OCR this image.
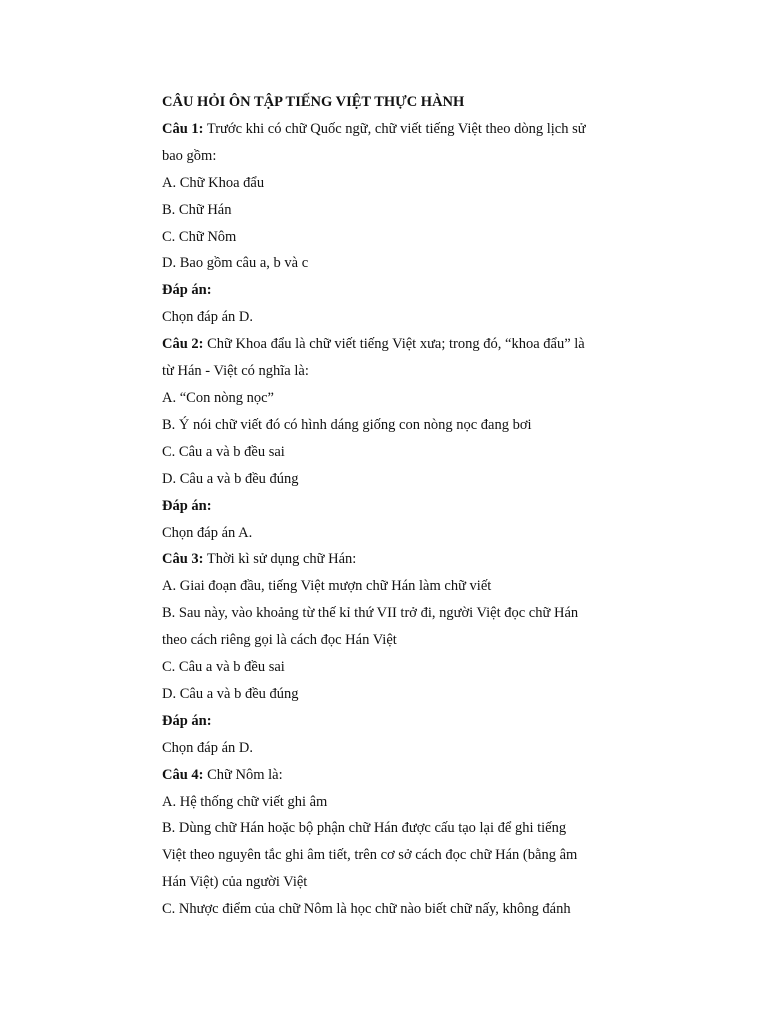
CÂU HỎI ÔN TẬP TIẾNG VIỆT THỰC HÀNH
Câu 1: Trước khi có chữ Quốc ngữ, chữ viết tiếng Việt theo dòng lịch sử
bao gồm:
A. Chữ Khoa đẩu
B. Chữ Hán
C. Chữ Nôm
D. Bao gồm câu a, b và c
Đáp án:
Chọn đáp án D.
Câu 2: Chữ Khoa đẩu là chữ viết tiếng Việt xưa; trong đó, “khoa đẩu” là
từ Hán - Việt có nghĩa là:
A. “Con nòng nọc”
B. Ý nói chữ viết đó có hình dáng giống con nòng nọc đang bơi
C. Câu a và b đều sai
D. Câu a và b đều đúng
Đáp án:
Chọn đáp án A.
Câu 3: Thời kì sử dụng chữ Hán:
A. Giai đoạn đầu, tiếng Việt mượn chữ Hán làm chữ viết
B. Sau này, vào khoảng từ thế kỉ thứ VII trở đi, người Việt đọc chữ Hán
theo cách riêng gọi là cách đọc Hán Việt
C. Câu a và b đều sai
D. Câu a và b đều đúng
Đáp án:
Chọn đáp án D.
Câu 4: Chữ Nôm là:
A. Hệ thống chữ viết ghi âm
B. Dùng chữ Hán hoặc bộ phận chữ Hán được cấu tạo lại để ghi tiếng
Việt theo nguyên tắc ghi âm tiết, trên cơ sở cách đọc chữ Hán (bằng âm
Hán Việt) của người Việt
C. Nhược điểm của chữ Nôm là học chữ nào biết chữ nấy, không đánh
